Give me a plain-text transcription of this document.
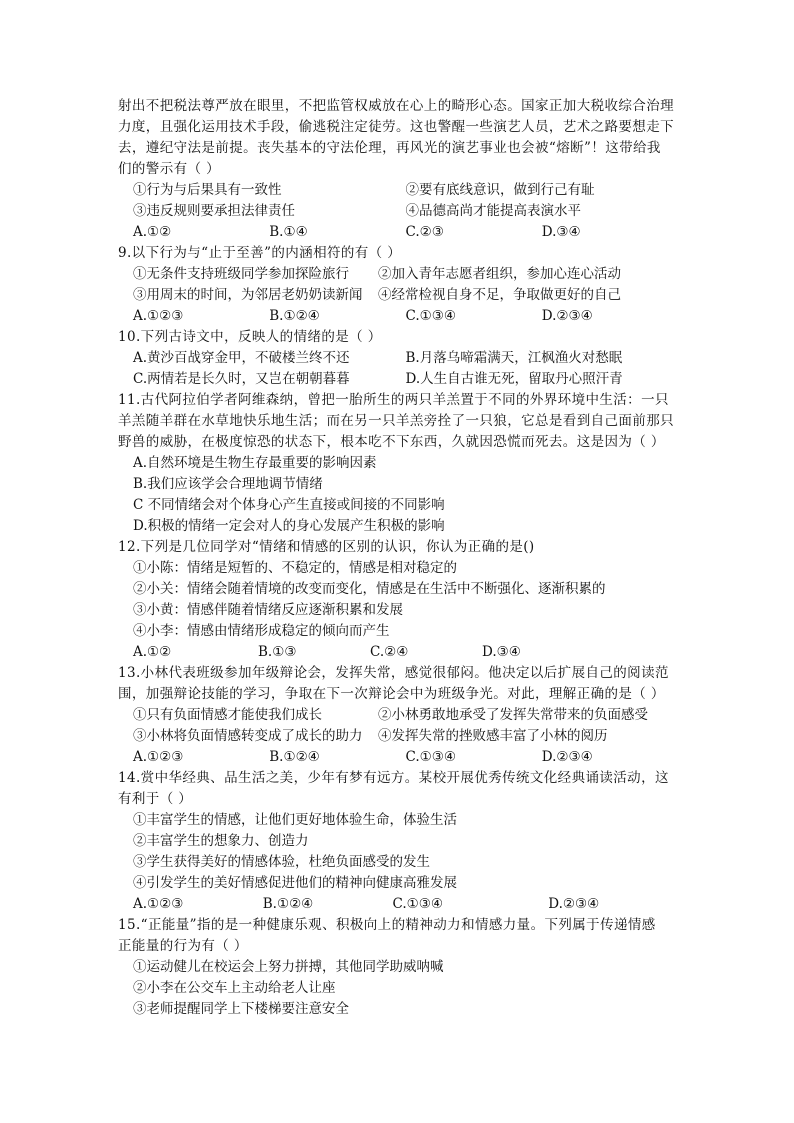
射出不把税法尊严放在眼里，不把监管权威放在心上的畸形心态。国家正加大税收综合治理
力度，且强化运用技术手段，偷逃税注定徒劳。这也警醒一些演艺人员，艺术之路要想走下
去，遵纪守法是前提。丧失基本的守法伦理，再风光的演艺事业也会被“熔断”！这带给我
们的警示有（ ）
①行为与后果具有一致性	②要有底线意识，做到行己有耻
③违反规则要承担法律责任	④品德高尚才能提高表演水平
A.①②	B.①④	C.②③	D.③④
9.以下行为与“止于至善”的内涵相符的有（ ）
①无条件支持班级同学参加探险旅行	②加入青年志愿者组织，参加心连心活动
③用周末的时间，为邻居老奶奶读新闻	④经常检视自身不足，争取做更好的自己
A.①②③	B.①②④	C.①③④	D.②③④
10.下列古诗文中，反映人的情绪的是（ ）
A.黄沙百战穿金甲，不破楼兰终不还	B.月落乌啼霜满天，江枫渔火对愁眠
C.两情若是长久时，又岂在朝朝暮暮	D.人生自古谁无死，留取丹心照汗青
11.古代阿拉伯学者阿维森纳，曾把一胎所生的两只羊羔置于不同的外界环境中生活：一只
羊羔随羊群在水草地快乐地生活；而在另一只羊羔旁拴了一只狼，它总是看到自己面前那只
野兽的威胁，在极度惊恐的状态下，根本吃不下东西，久就因恐慌而死去。这是因为（ ）
A.自然环境是生物生存最重要的影响因素
B.我们应该学会合理地调节情绪
C 不同情绪会对个体身心产生直接或间接的不同影响
D.积极的情绪一定会对人的身心发展产生积极的影响
12.下列是几位同学对“情绪和情感的区别的认识，你认为正确的是()
①小陈：情绪是短暂的、不稳定的，情感是相对稳定的
②小关：情绪会随着情境的改变而变化，情感是在生活中不断强化、逐渐积累的
③小黄：情感伴随着情绪反应逐渐积累和发展
④小李：情感由情绪形成稳定的倾向而产生
A.①②	B.①③	C.②④	D.③④
13.小林代表班级参加年级辩论会，发挥失常，感觉很郁闷。他决定以后扩展自己的阅读范
围，加强辩论技能的学习，争取在下一次辩论会中为班级争光。对此，理解正确的是（ ）
①只有负面情感才能使我们成长	②小林勇敢地承受了发挥失常带来的负面感受
③小林将负面情感转变成了成长的助力	④发挥失常的挫败感丰富了小林的阅历
A.①②③	B.①②④	C.①③④	D.②③④
14.赏中华经典、品生活之美，少年有梦有远方。某校开展优秀传统文化经典诵读活动，这
有利于（ ）
①丰富学生的情感，让他们更好地体验生命，体验生活
②丰富学生的想象力、创造力
③学生获得美好的情感体验，杜绝负面感受的发生
④引发学生的美好情感促进他们的精神向健康高雅发展
A.①②③	B.①②④	C.①③④	D.②③④
15.“正能量”指的是一种健康乐观、积极向上的精神动力和情感力量。下列属于传递情感
正能量的行为有（ ）
①运动健儿在校运会上努力拼搏，其他同学助威呐喊
②小李在公交车上主动给老人让座
③老师提醒同学上下楼梯要注意安全
